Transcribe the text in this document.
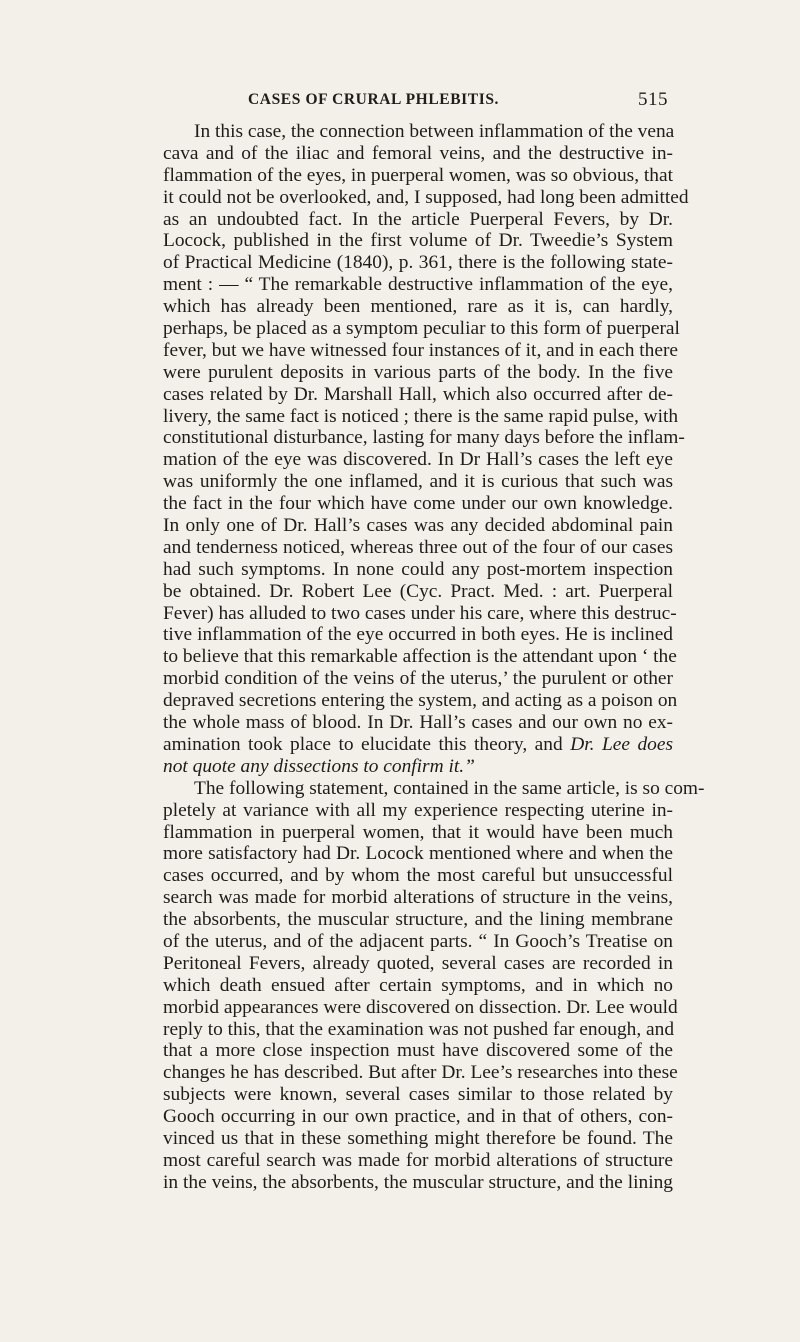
CASES OF CRURAL PHLEBITIS.	515
In this case, the connection between inflammation of the vena
cava and of the iliac and femoral veins, and the destructive in-
flammation of the eyes, in puerperal women, was so obvious, that
it could not be overlooked, and, I supposed, had long been admitted
as an undoubted fact. In the article Puerperal Fevers, by Dr.
Locock, published in the first volume of Dr. Tweedie’s System
of Practical Medicine (1840), p. 361, there is the following state-
ment : — “ The remarkable destructive inflammation of the eye,
which has already been mentioned, rare as it is, can hardly,
perhaps, be placed as a symptom peculiar to this form of puerperal
fever, but we have witnessed four instances of it, and in each there
were purulent deposits in various parts of the body. In the five
cases related by Dr. Marshall Hall, which also occurred after de-
livery, the same fact is noticed ; there is the same rapid pulse, with
constitutional disturbance, lasting for many days before the inflam-
mation of the eye was discovered. In Dr Hall’s cases the left eye
was uniformly the one inflamed, and it is curious that such was
the fact in the four which have come under our own knowledge.
In only one of Dr. Hall’s cases was any decided abdominal pain
and tenderness noticed, whereas three out of the four of our cases
had such symptoms. In none could any post-mortem inspection
be obtained. Dr. Robert Lee (Cyc. Pract. Med. : art. Puerperal
Fever) has alluded to two cases under his care, where this destruc-
tive inflammation of the eye occurred in both eyes. He is inclined
to believe that this remarkable affection is the attendant upon ‘ the
morbid condition of the veins of the uterus,’ the purulent or other
depraved secretions entering the system, and acting as a poison on
the whole mass of blood. In Dr. Hall’s cases and our own no ex-
amination took place to elucidate this theory, and Dr. Lee does
not quote any dissections to confirm it.”
The following statement, contained in the same article, is so com-
pletely at variance with all my experience respecting uterine in-
flammation in puerperal women, that it would have been much
more satisfactory had Dr. Locock mentioned where and when the
cases occurred, and by whom the most careful but unsuccessful
search was made for morbid alterations of structure in the veins,
the absorbents, the muscular structure, and the lining membrane
of the uterus, and of the adjacent parts. “ In Gooch’s Treatise on
Peritoneal Fevers, already quoted, several cases are recorded in
which death ensued after certain symptoms, and in which no
morbid appearances were discovered on dissection. Dr. Lee would
reply to this, that the examination was not pushed far enough, and
that a more close inspection must have discovered some of the
changes he has described. But after Dr. Lee’s researches into these
subjects were known, several cases similar to those related by
Gooch occurring in our own practice, and in that of others, con-
vinced us that in these something might therefore be found. The
most careful search was made for morbid alterations of structure
in the veins, the absorbents, the muscular structure, and the lining
